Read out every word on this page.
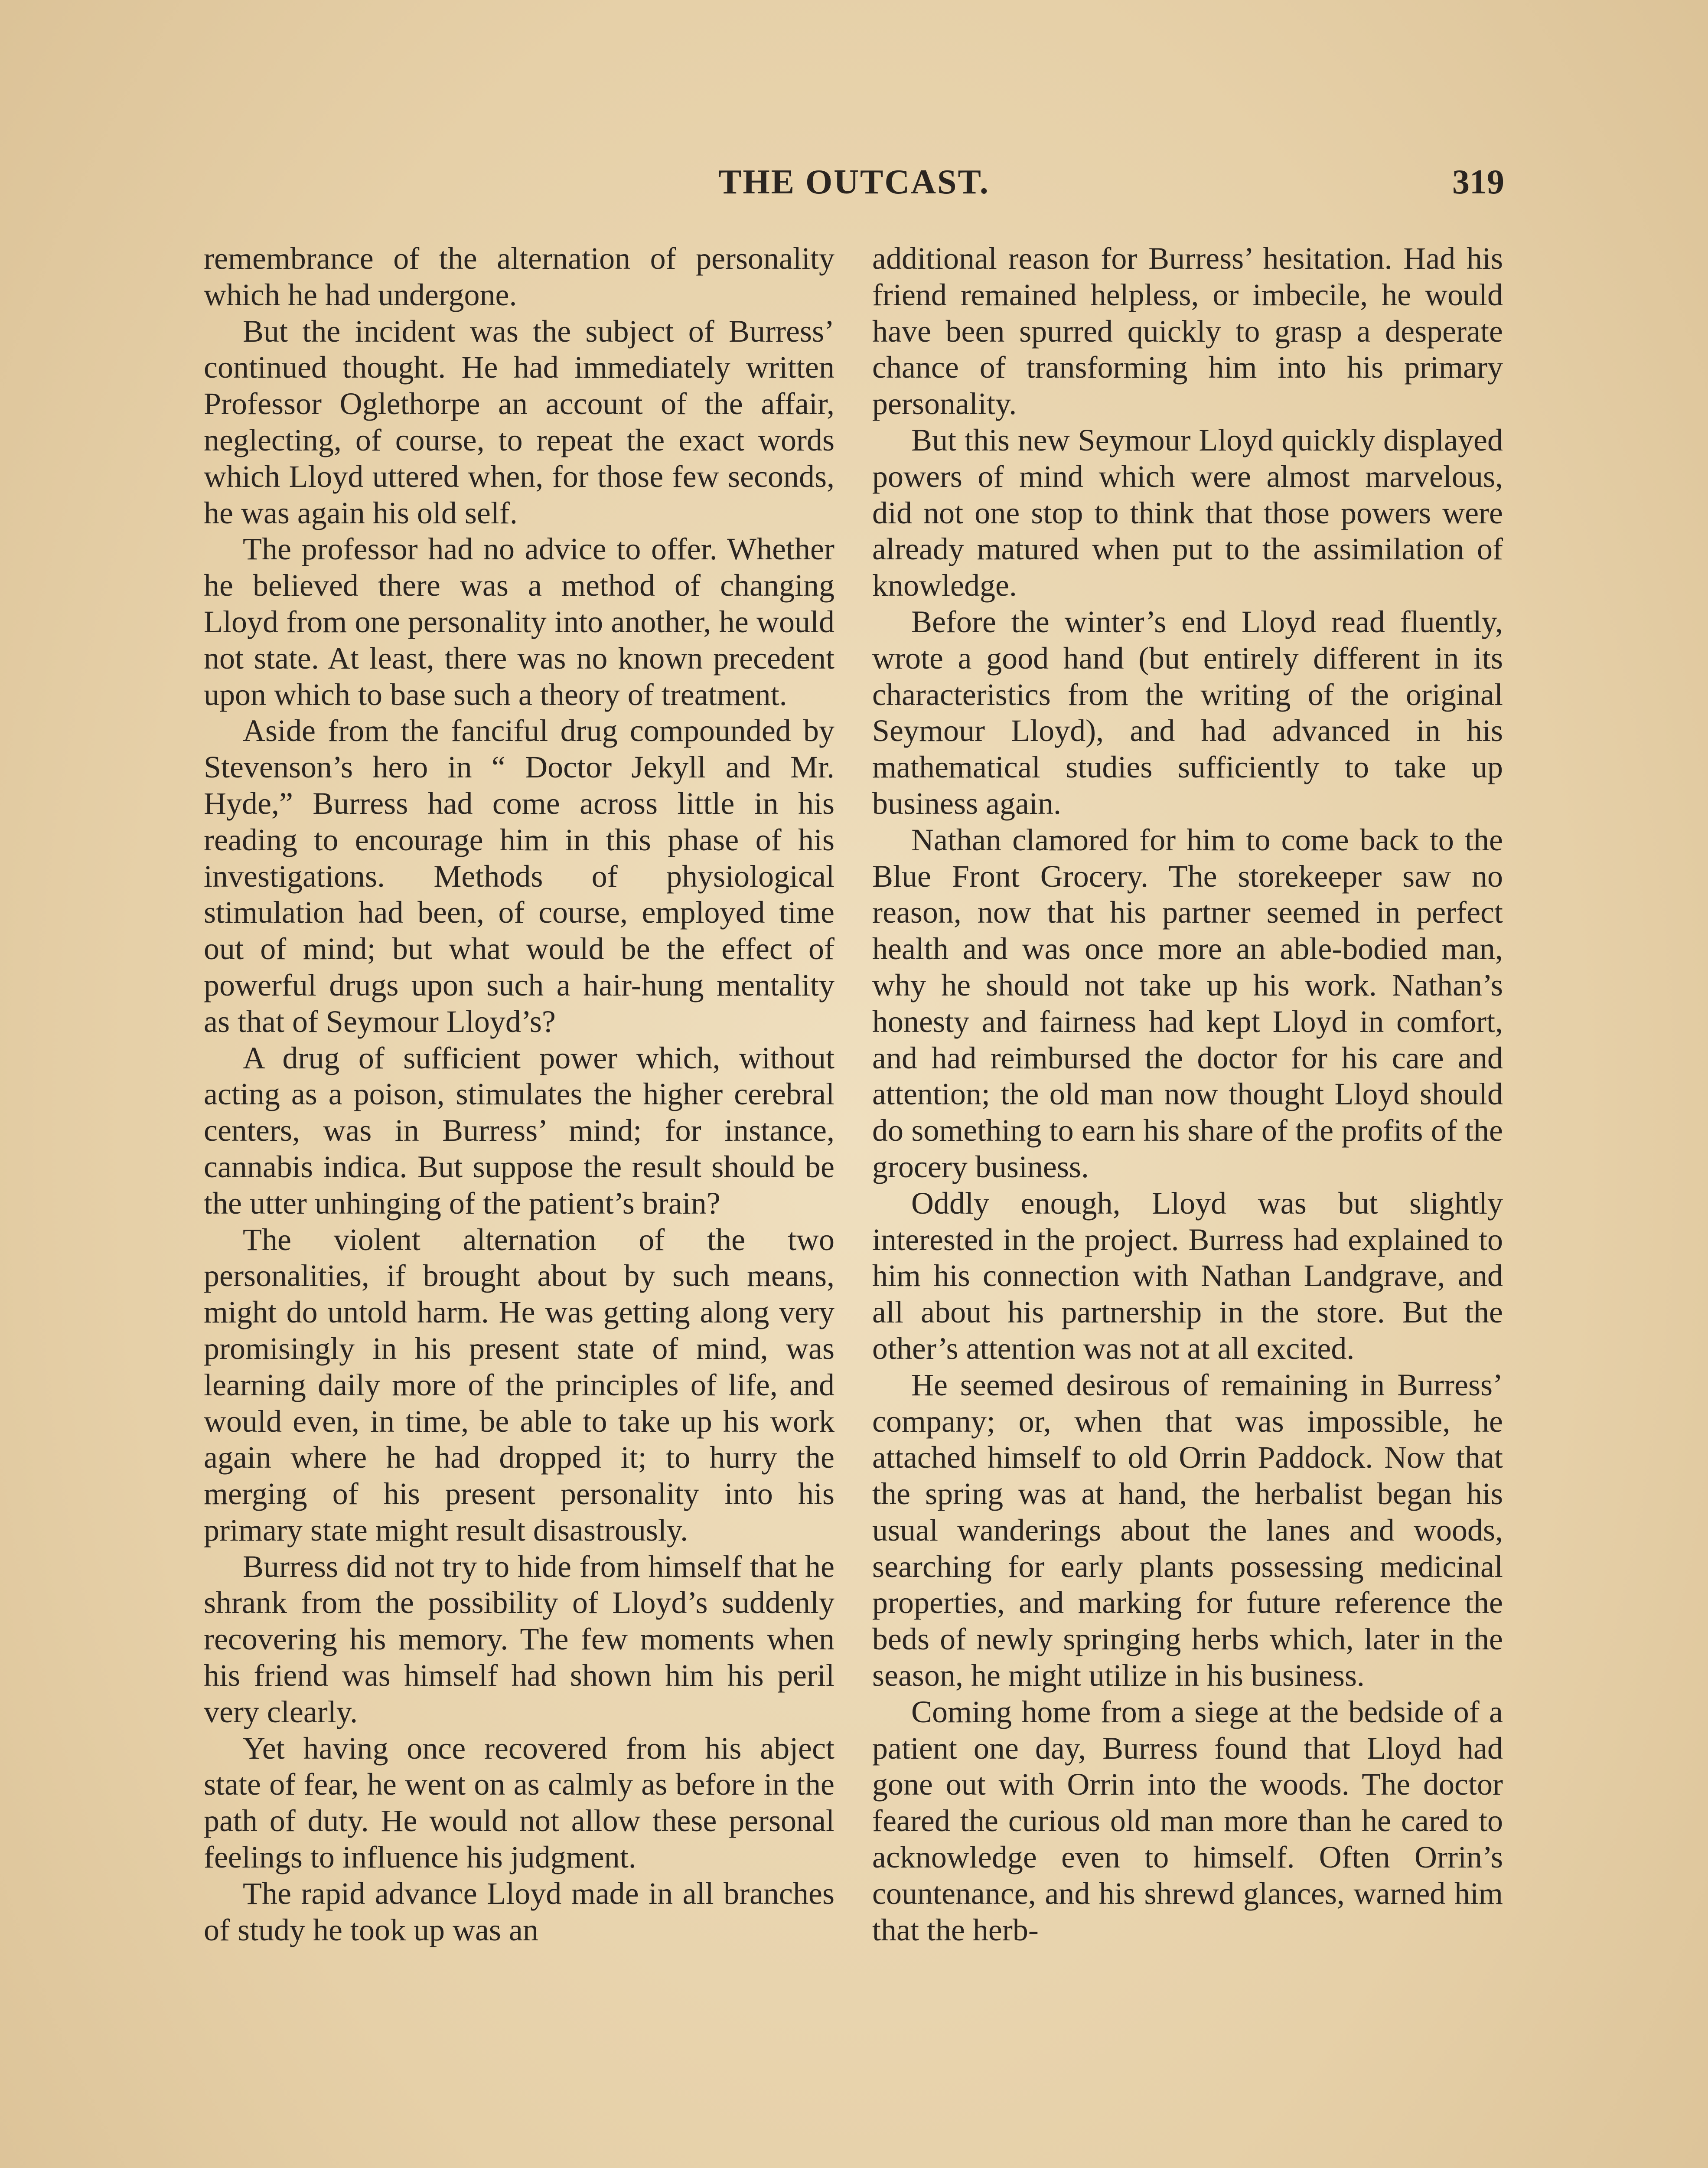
THE OUTCAST.	319

remembrance of the alternation of personality which he had undergone.

But the incident was the subject of Burress’ continued thought. He had immediately written Professor Oglethorpe an account of the affair, neglecting, of course, to repeat the exact words which Lloyd uttered when, for those few seconds, he was again his old self.

The professor had no advice to offer. Whether he believed there was a method of changing Lloyd from one personality into another, he would not state. At least, there was no known precedent upon which to base such a theory of treatment.

Aside from the fanciful drug compounded by Stevenson’s hero in “ Doctor Jekyll and Mr. Hyde,” Burress had come across little in his reading to encourage him in this phase of his investigations. Methods of physiological stimulation had been, of course, employed time out of mind; but what would be the effect of powerful drugs upon such a hair-hung mentality as that of Seymour Lloyd’s?

A drug of sufficient power which, without acting as a poison, stimulates the higher cerebral centers, was in Burress’ mind; for instance, cannabis indica. But suppose the result should be the utter unhinging of the patient’s brain?

The violent alternation of the two personalities, if brought about by such means, might do untold harm. He was getting along very promisingly in his present state of mind, was learning daily more of the principles of life, and would even, in time, be able to take up his work again where he had dropped it; to hurry the merging of his present personality into his primary state might result disastrously.

Burress did not try to hide from himself that he shrank from the possibility of Lloyd’s suddenly recovering his memory. The few moments when his friend was himself had shown him his peril very clearly.

Yet having once recovered from his abject state of fear, he went on as calmly as before in the path of duty. He would not allow these personal feelings to influence his judgment.

The rapid advance Lloyd made in all branches of study he took up was an

additional reason for Burress’ hesitation. Had his friend remained helpless, or imbecile, he would have been spurred quickly to grasp a desperate chance of transforming him into his primary personality.

But this new Seymour Lloyd quickly displayed powers of mind which were almost marvelous, did not one stop to think that those powers were already matured when put to the assimilation of knowledge.

Before the winter’s end Lloyd read fluently, wrote a good hand (but entirely different in its characteristics from the writing of the original Seymour Lloyd), and had advanced in his mathematical studies sufficiently to take up business again.

Nathan clamored for him to come back to the Blue Front Grocery. The storekeeper saw no reason, now that his partner seemed in perfect health and was once more an able-bodied man, why he should not take up his work. Nathan’s honesty and fairness had kept Lloyd in comfort, and had reimbursed the doctor for his care and attention; the old man now thought Lloyd should do something to earn his share of the profits of the grocery business.

Oddly enough, Lloyd was but slightly interested in the project. Burress had explained to him his connection with Nathan Landgrave, and all about his partnership in the store. But the other’s attention was not at all excited.

He seemed desirous of remaining in Burress’ company; or, when that was impossible, he attached himself to old Orrin Paddock. Now that the spring was at hand, the herbalist began his usual wanderings about the lanes and woods, searching for early plants possessing medicinal properties, and marking for future reference the beds of newly springing herbs which, later in the season, he might utilize in his business.

Coming home from a siege at the bedside of a patient one day, Burress found that Lloyd had gone out with Orrin into the woods. The doctor feared the curious old man more than he cared to acknowledge even to himself. Often Orrin’s countenance, and his shrewd glances, warned him that the herb-
